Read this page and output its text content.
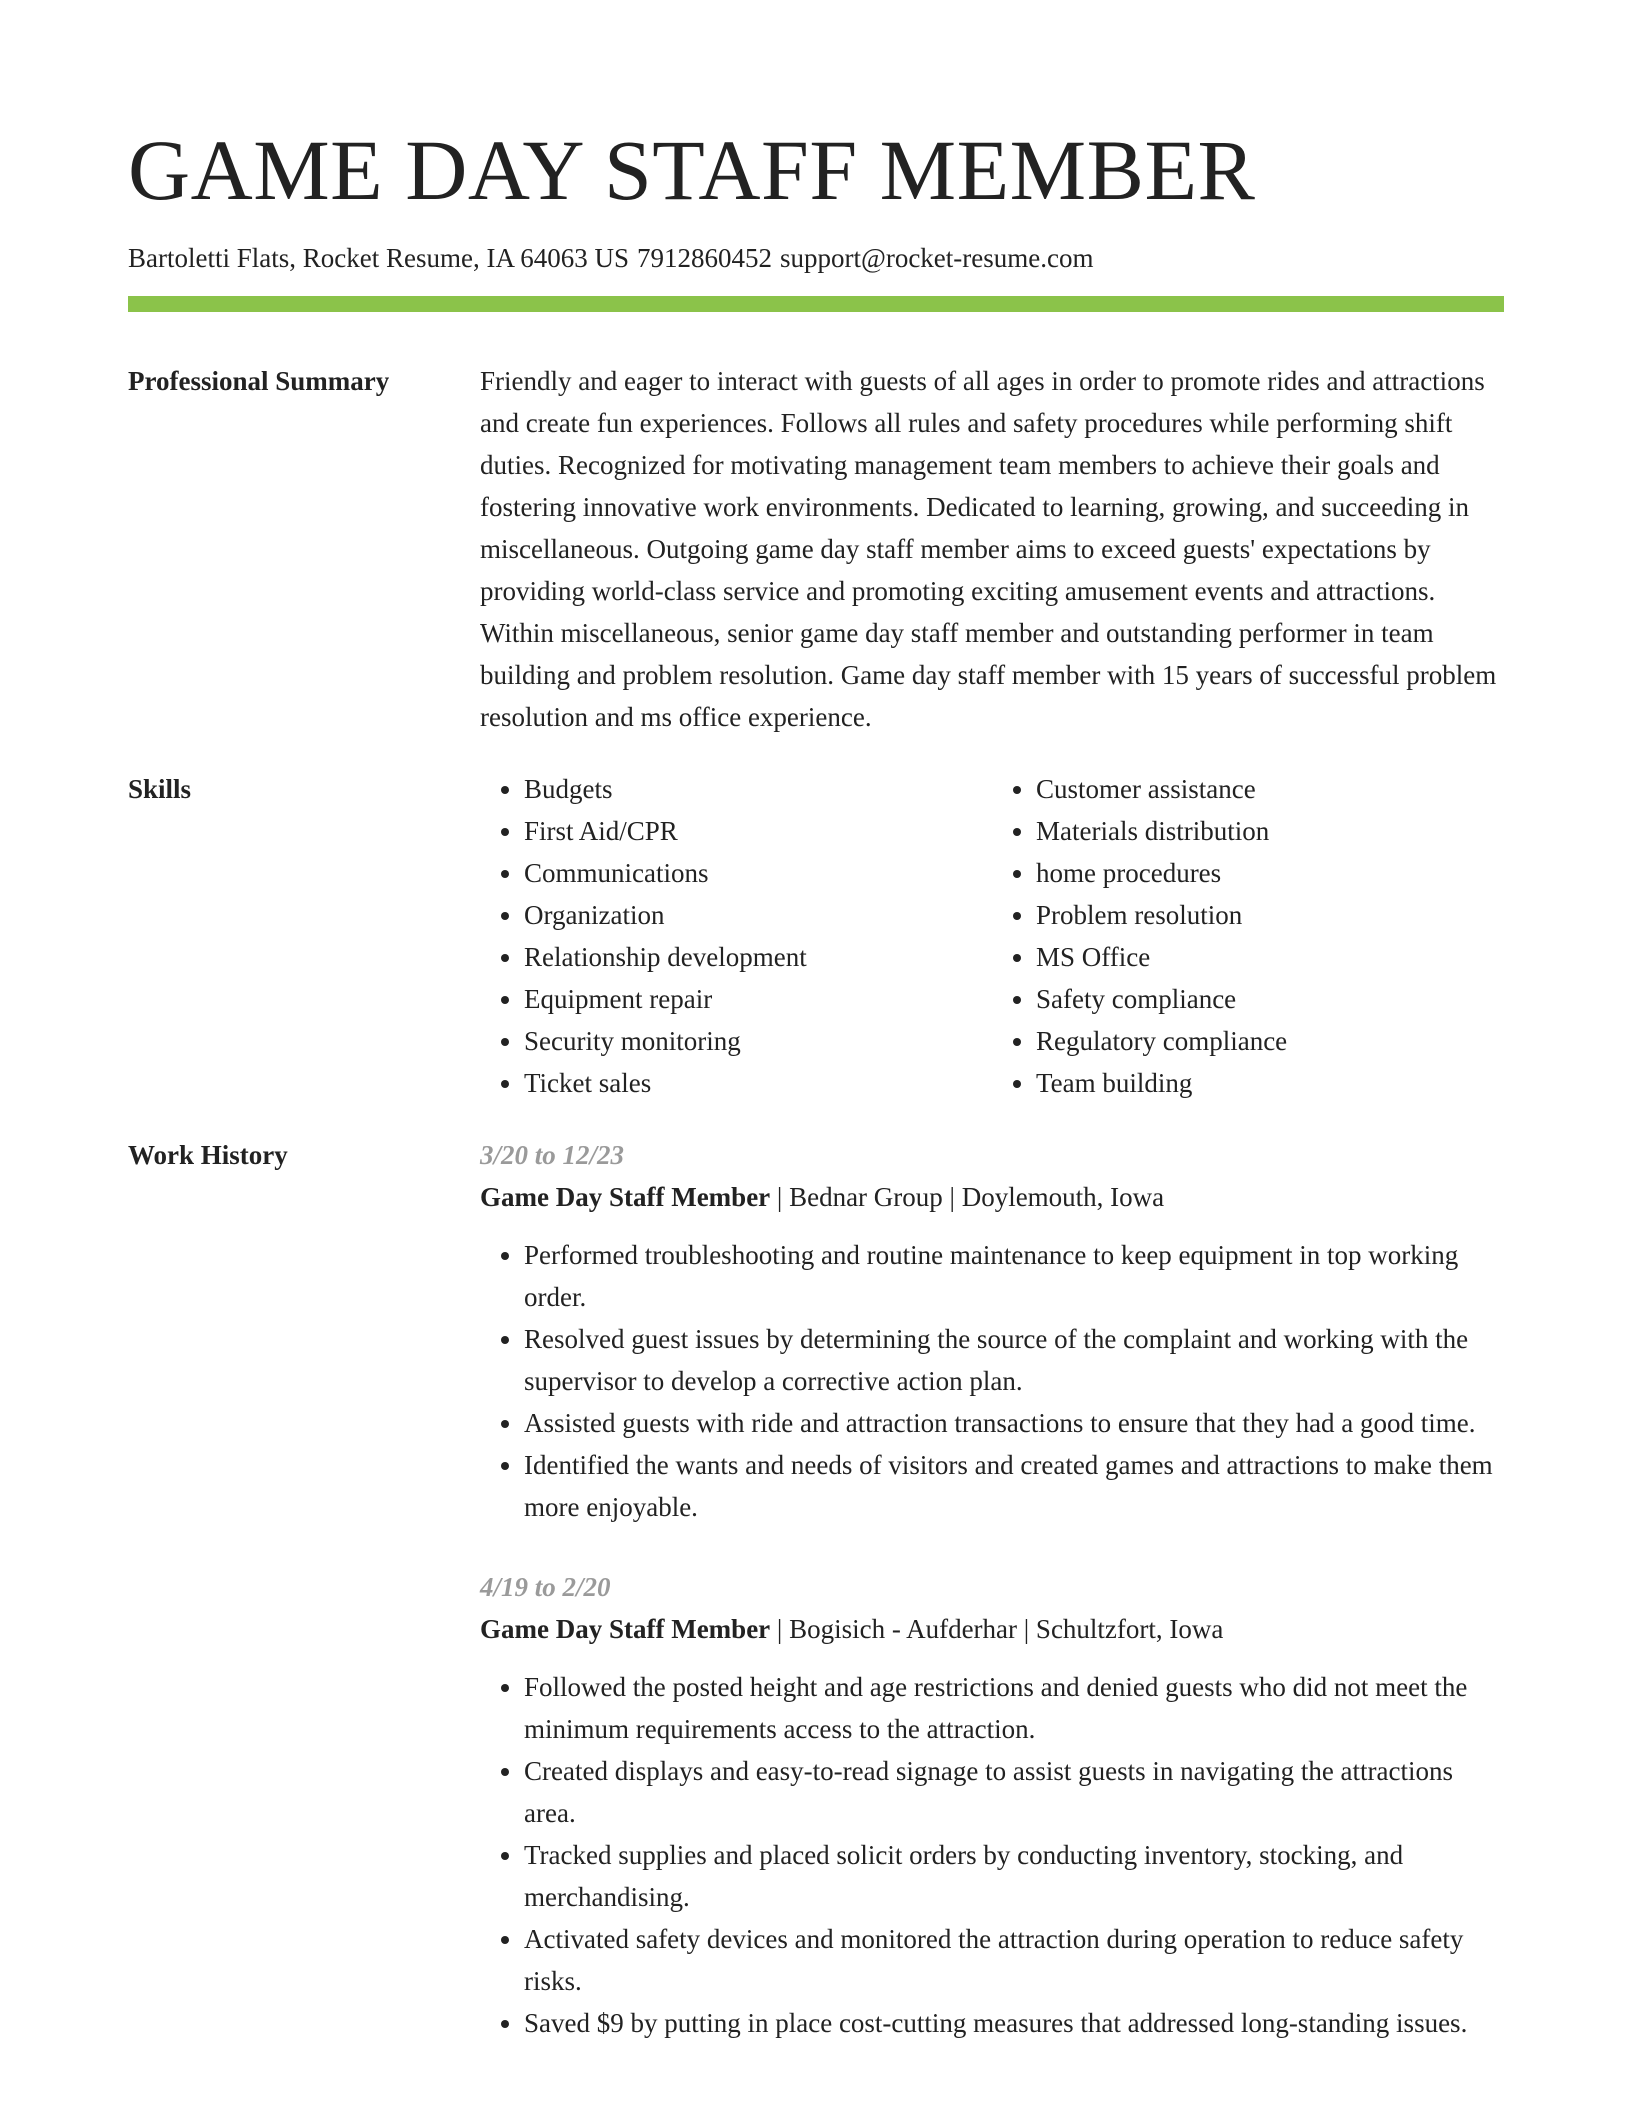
GAME DAY STAFF MEMBER
Bartoletti Flats, Rocket Resume, IA 64063 US 7912860452 support@rocket-resume.com
Professional Summary	Friendly and eager to interact with guests of all ages in order to promote rides and attractions and create fun experiences. Follows all rules and safety procedures while performing shift duties. Recognized for motivating management team members to achieve their goals and fostering innovative work environments. Dedicated to learning, growing, and succeeding in miscellaneous. Outgoing game day staff member aims to exceed guests' expectations by providing world-class service and promoting exciting amusement events and attractions. Within miscellaneous, senior game day staff member and outstanding performer in team building and problem resolution. Game day staff member with 15 years of successful problem resolution and ms office experience.

Skills
•	Budgets
• First Aid/CPR
• Communications
• Organization
• Relationship development
• Equipment repair
• Security monitoring
• Ticket sales
• Customer assistance
• Materials distribution
• home procedures
• Problem resolution
• MS Office
• Safety compliance
• Regulatory compliance
• Team building
Work History	3/20 to 12/23
Game Day Staff Member | Bednar Group | Doylemouth, Iowa
• Performed troubleshooting and routine maintenance to keep equipment in top working order.
• Resolved guest issues by determining the source of the complaint and working with the supervisor to develop a corrective action plan.
• Assisted guests with ride and attraction transactions to ensure that they had a good time.
• Identified the wants and needs of visitors and created games and attractions to make them more enjoyable.
4/19 to 2/20
Game Day Staff Member | Bogisich - Aufderhar | Schultzfort, Iowa
• Followed the posted height and age restrictions and denied guests who did not meet the minimum requirements access to the attraction.
• Created displays and easy-to-read signage to assist guests in navigating the attractions area.
• Tracked supplies and placed solicit orders by conducting inventory, stocking, and merchandising.
• Activated safety devices and monitored the attraction during operation to reduce safety risks.
• Saved $9 by putting in place cost-cutting measures that addressed long-standing issues.
